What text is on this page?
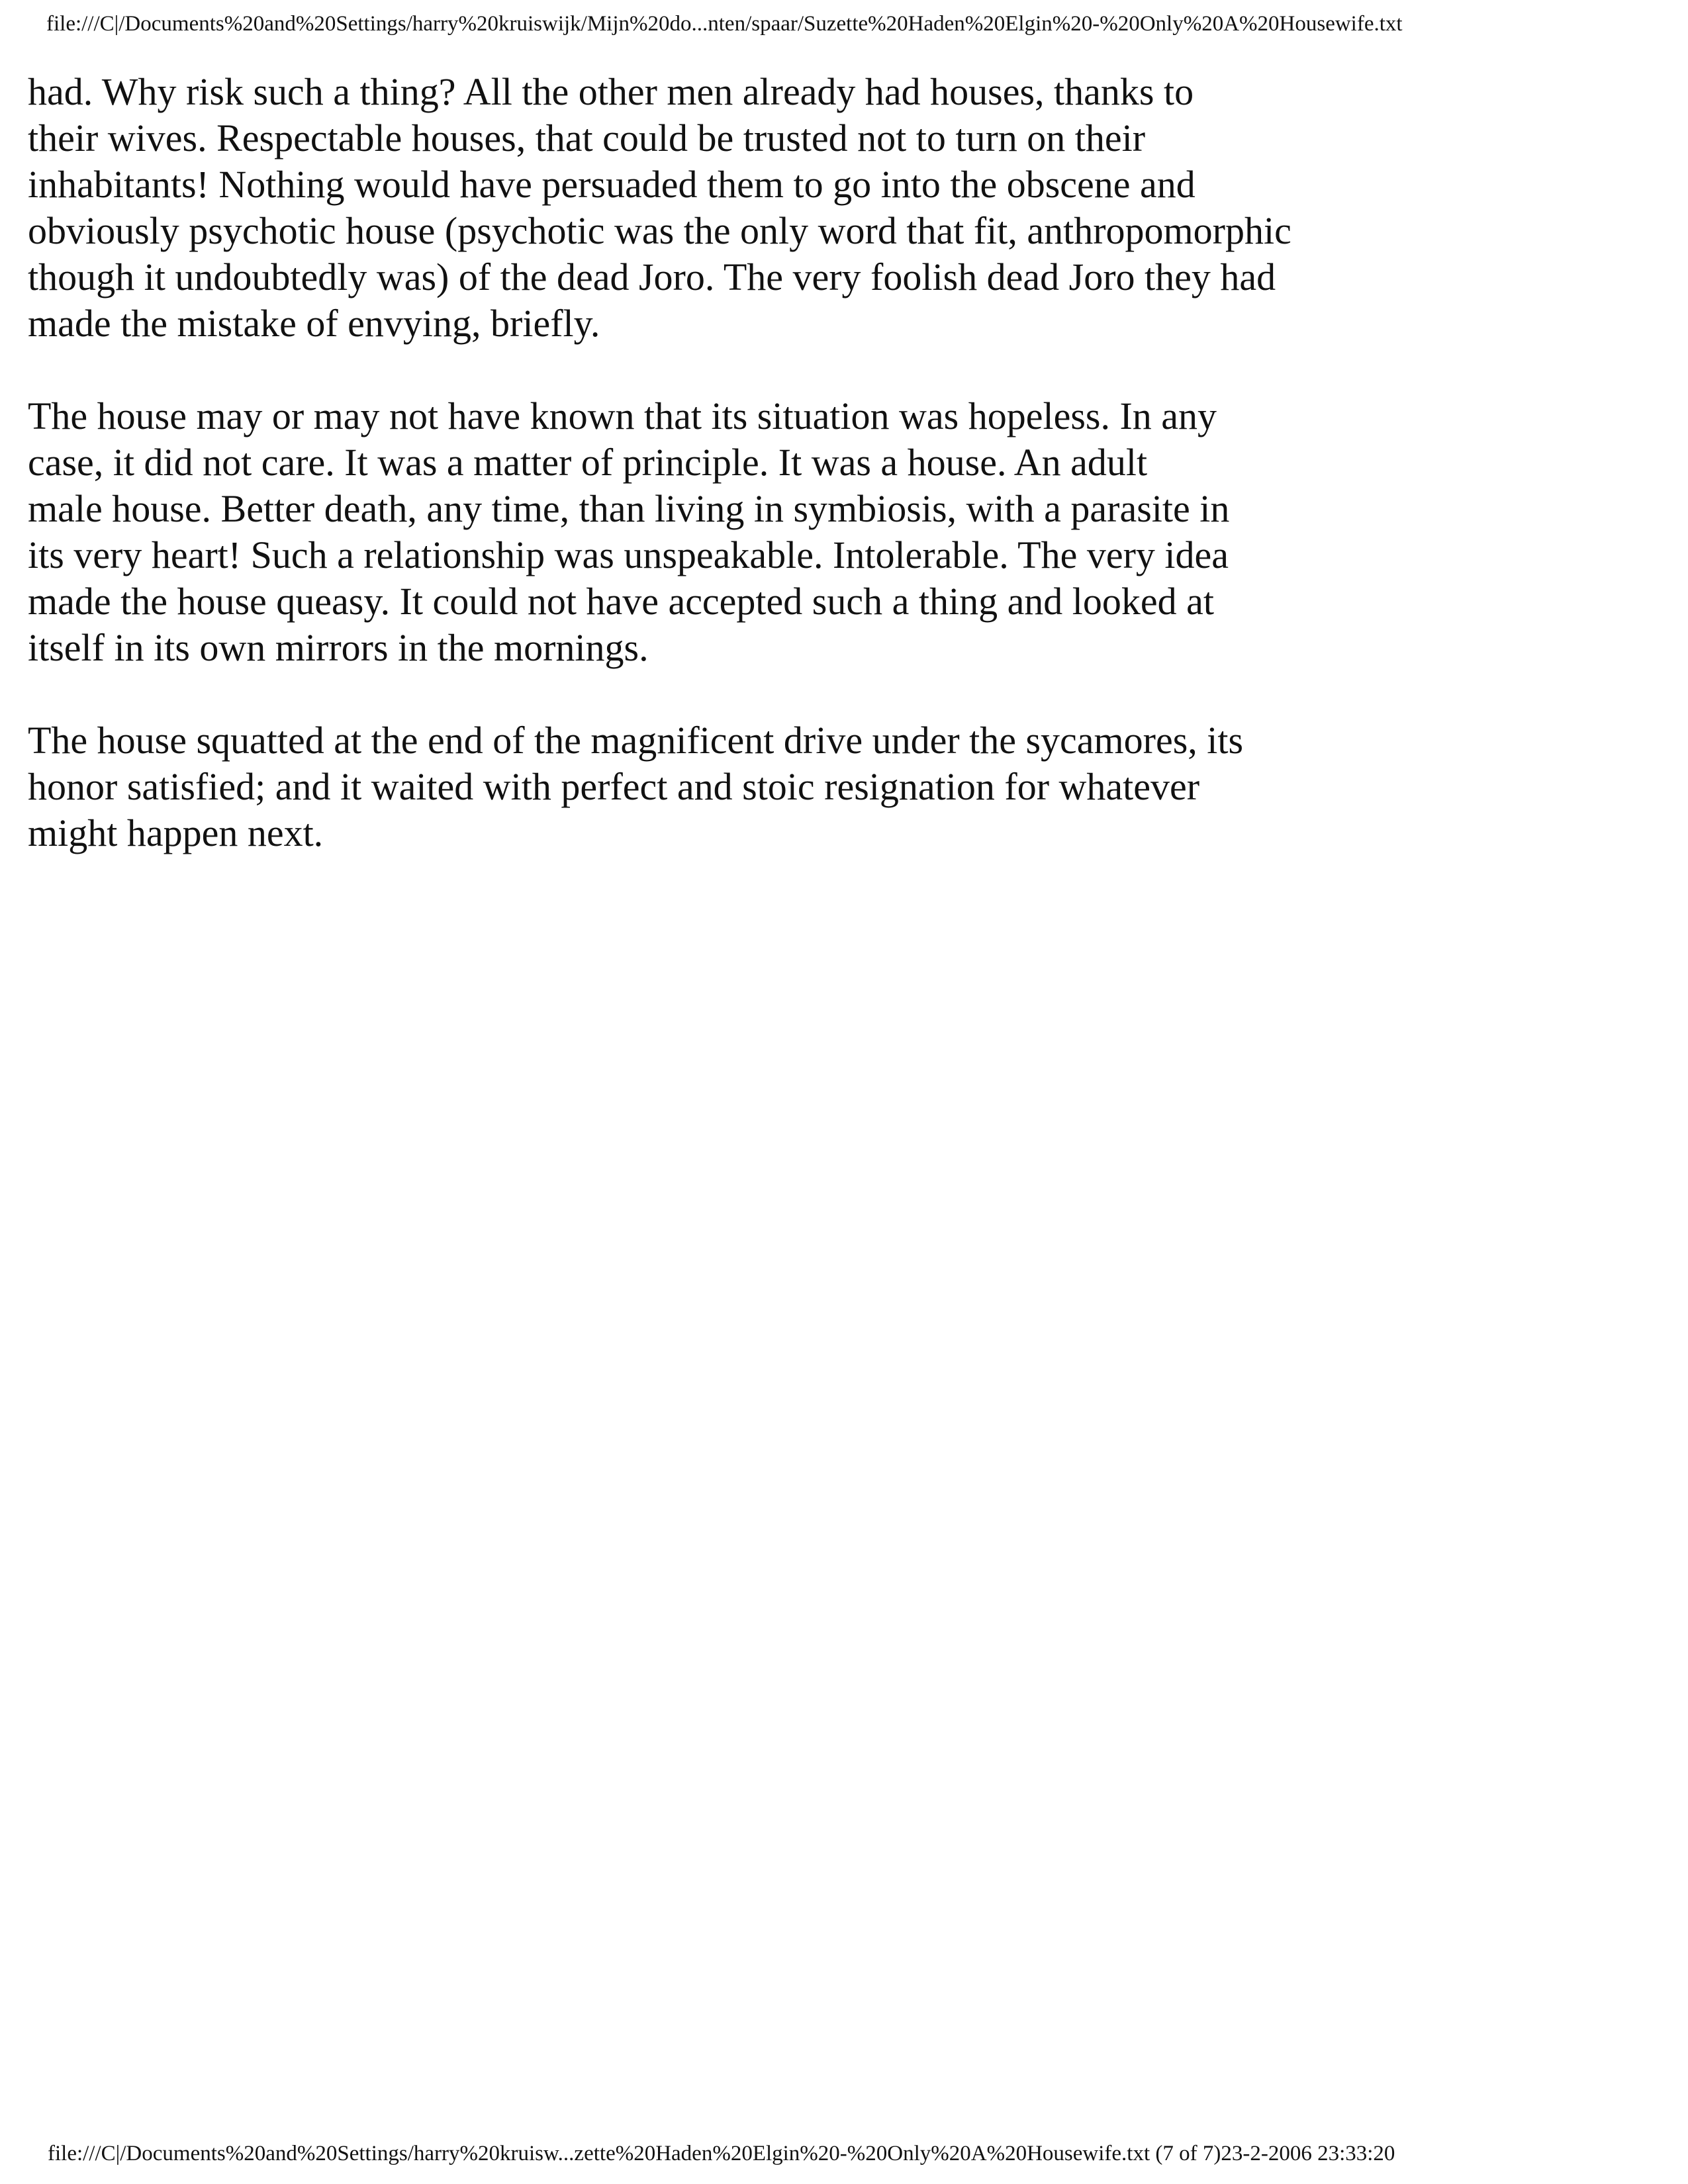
file:///C|/Documents%20and%20Settings/harry%20kruiswijk/Mijn%20do...nten/spaar/Suzette%20Haden%20Elgin%20-%20Only%20A%20Housewife.txt
had. Why risk such a thing? All the other men already had houses, thanks to
their wives. Respectable houses, that could be trusted not to turn on their
inhabitants! Nothing would have persuaded them to go into the obscene and
obviously psychotic house (psychotic was the only word that fit, anthropomorphic
though it undoubtedly was) of the dead Joro. The very foolish dead Joro they had
made the mistake of envying, briefly.
The house may or may not have known that its situation was hopeless. In any
case, it did not care. It was a matter of principle. It was a house. An adult
male house. Better death, any time, than living in symbiosis, with a parasite in
its very heart! Such a relationship was unspeakable. Intolerable. The very idea
made the house queasy. It could not have accepted such a thing and looked at
itself in its own mirrors in the mornings.
The house squatted at the end of the magnificent drive under the sycamores, its
honor satisfied; and it waited with perfect and stoic resignation for whatever
might happen next.
file:///C|/Documents%20and%20Settings/harry%20kruisw...zette%20Haden%20Elgin%20-%20Only%20A%20Housewife.txt (7 of 7)23-2-2006 23:33:20
